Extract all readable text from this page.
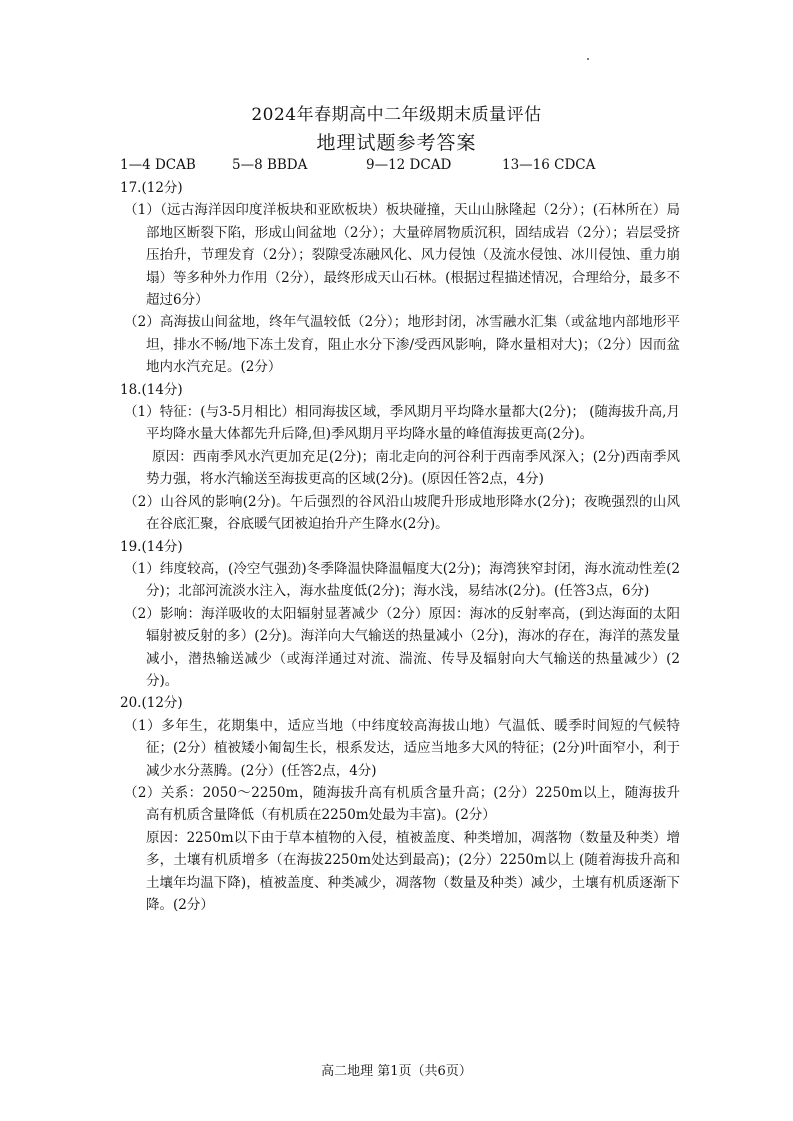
2024年春期高中二年级期末质量评估
地理试题参考答案
1—4 DCAB	5—8 BBDA	9—12 DCAD	13—16 CDCA

17.(12分)

（1）（远古海洋因印度洋板块和亚欧板块）板块碰撞，天山山脉隆起（2分）；(石林所在）局部地区断裂下陷，形成山间盆地（2分）；大量碎屑物质沉积，固结成岩（2分）；岩层受挤压抬升，节理发育（2分）；裂隙受冻融风化、风力侵蚀（及流水侵蚀、冰川侵蚀、重力崩塌）等多种外力作用（2分），最终形成天山石林。(根据过程描述情况，合理给分，最多不超过6分）

（2）高海拔山间盆地，终年气温较低（2分）；地形封闭，冰雪融水汇集（或盆地内部地形平坦，排水不畅/地下冻土发育，阻止水分下渗/受西风影响，降水量相对大)；（2分）因而盆地内水汽充足。(2分）

18.(14分)

（1）特征：(与3-5月相比）相同海拔区域，季风期月平均降水量都大(2分)； (随海拔升高,月平均降水量大体都先升后降,但)季风期月平均降水量的峰值海拔更高(2分)。

原因：西南季风水汽更加充足(2分)；南北走向的河谷利于西南季风深入；(2分)西南季风势力强，将水汽输送至海拔更高的区域(2分)。(原因任答2点，4分)

（2）山谷风的影响(2分)。午后强烈的谷风沿山坡爬升形成地形降水(2分)；夜晚强烈的山风在谷底汇聚，谷底暖气团被迫抬升产生降水(2分)。

19.(14分)

（1）纬度较高，(冷空气强劲)冬季降温快降温幅度大(2分)；海湾狭窄封闭，海水流动性差(2分)；北部河流淡水注入，海水盐度低(2分)；海水浅，易结冰(2分)。(任答3点，6分)

（2）影响：海洋吸收的太阳辐射显著减少（2分）原因：海冰的反射率高，(到达海面的太阳辐射被反射的多）(2分)。海洋向大气输送的热量减小（2分)，海冰的存在，海洋的蒸发量减小，潜热输送减少（或海洋通过对流、湍流、传导及辐射向大气输送的热量减少）(2分)。

20.(12分)

（1）多年生，花期集中，适应当地（中纬度较高海拔山地）气温低、暖季时间短的气候特征；(2分）植被矮小匍匐生长，根系发达，适应当地多大风的特征；(2分)叶面窄小，利于减少水分蒸腾。(2分）(任答2点，4分)

（2）关系：2050～2250m，随海拔升高有机质含量升高；(2分）2250m以上，随海拔升高有机质含量降低（有机质在2250m处最为丰富)。(2分）

原因：2250m以下由于草本植物的入侵，植被盖度、种类增加，凋落物（数量及种类）增多，土壤有机质增多（在海拔2250m处达到最高)；(2分）2250m以上 (随着海拔升高和土壤年均温下降)，植被盖度、种类减少，凋落物（数量及种类）减少，土壤有机质逐渐下降。(2分）

高二地理 第1页（共6页）
